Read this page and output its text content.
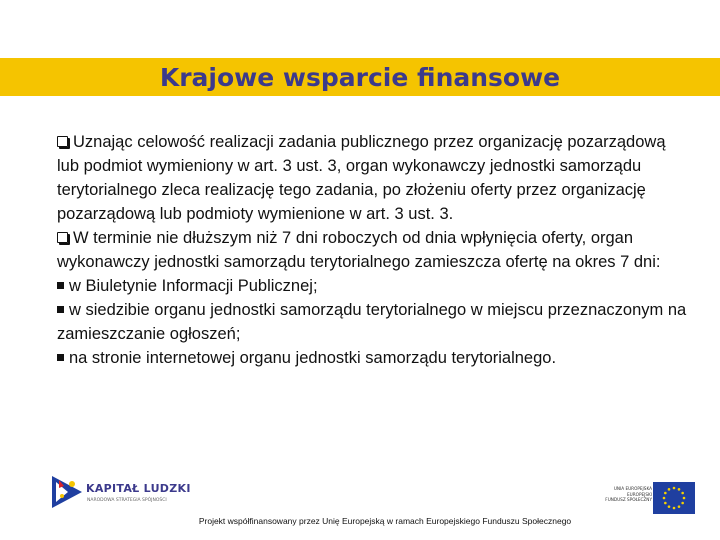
Krajowe wsparcie finansowe

Uznając celowość realizacji zadania publicznego przez organizację pozarządową lub podmiot wymieniony w art. 3 ust. 3, organ wykonawczy jednostki samorządu terytorialnego zleca realizację tego zadania, po złożeniu oferty przez organizację pozarządową lub podmioty wymienione w art. 3 ust. 3.

W terminie nie dłuższym niż 7 dni roboczych od dnia wpłynięcia oferty, organ wykonawczy jednostki samorządu terytorialnego zamieszcza ofertę na okres 7 dni:

w Biuletynie Informacji Publicznej;

w siedzibie organu jednostki samorządu terytorialnego w miejscu przeznaczonym na zamieszczanie ogłoszeń;

na stronie internetowej organu jednostki samorządu terytorialnego.

KAPITAŁ LUDZKI
NARODOWA STRATEGIA SPÓJNOŚCI
UNIA EUROPEJSKA
EUROPEJSKI
FUNDUSZ SPOŁECZNY
Projekt współfinansowany przez Unię Europejską w ramach Europejskiego Funduszu Społecznego
